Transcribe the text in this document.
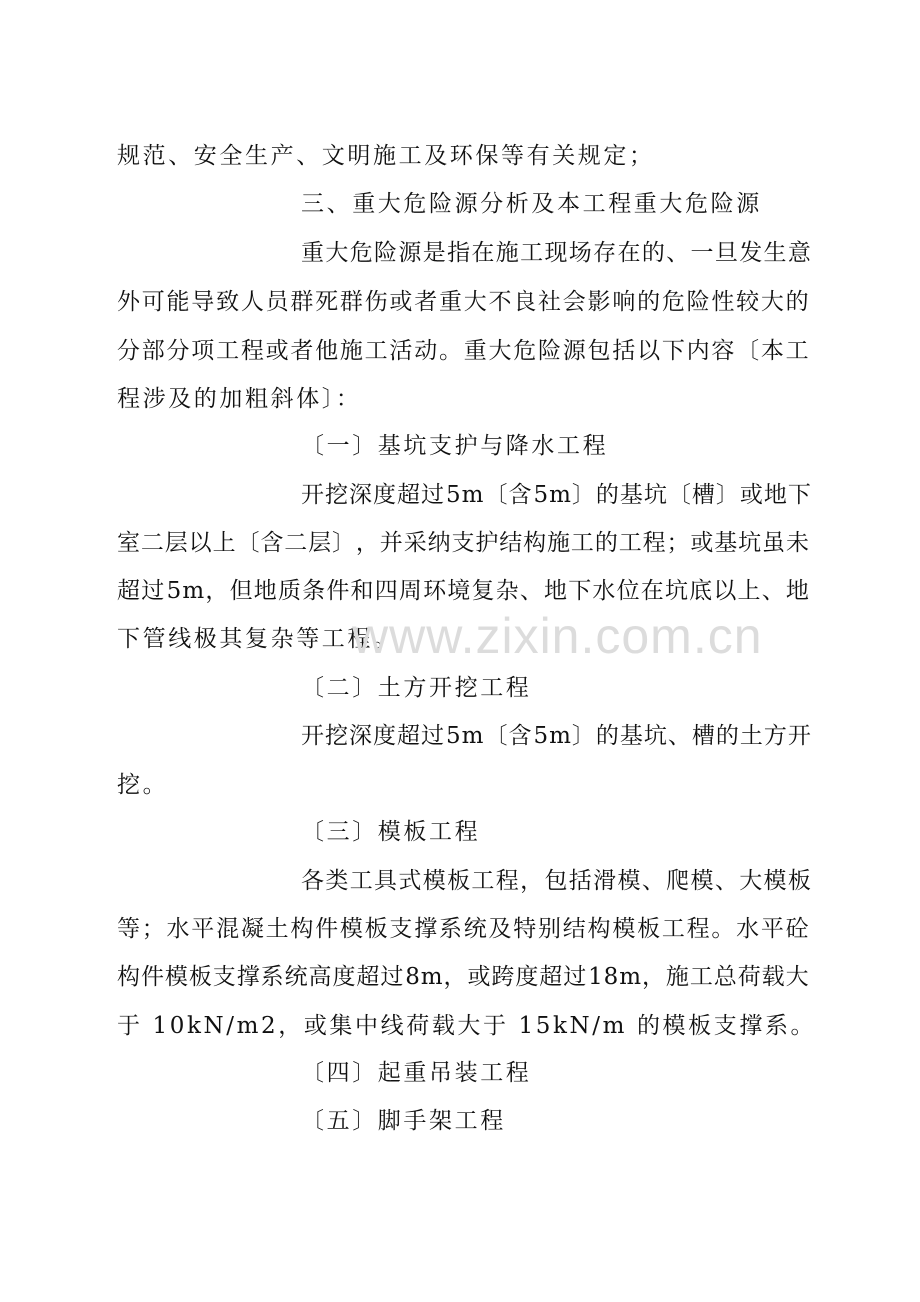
规范、安全生产、文明施工及环保等有关规定；
三、重大危险源分析及本工程重大危险源
重 大 危 险 源 是 指 在 施 工 现 场 存 在 的 、 一 旦 发 生 意
外 可 能 导 致 人 员 群 死 群 伤 或 者 重 大 不 良 社 会 影 响 的 危 险 性 较 大 的
分 部 分 项 工 程 或 者 他 施 工 活 动 。 重 大 危 险 源 包 括 以 下 内 容 〔 本 工
程涉及的加粗斜体〕：
〔一〕基坑支护与降水工程
开 挖 深 度 超 过 5 m 〔 含 5 m 〕 的 基 坑 〔 槽 〕 或 地 下
室 二 层 以 上 〔 含 二 层 〕 ， 并 采 纳 支 护 结 构 施 工 的 工 程 ； 或 基 坑 虽 未
超 过 5 m ， 但 地 质 条 件 和 四 周 环 境 复 杂 、 地 下 水 位 在 坑 底 以 上 、 地
下管线极其复杂等工程。
〔二〕土方开挖工程
开 挖 深 度 超 过 5 m 〔 含 5 m 〕 的 基 坑 、 槽 的 土 方 开
挖。
〔三〕模板工程
各 类 工 具 式 模 板 工 程 ， 包 括 滑 模 、 爬 模 、 大 模 板
等 ； 水 平 混 凝 土 构 件 模 板 支 撑 系 统 及 特 别 结 构 模 板 工 程 。 水 平 砼
构 件 模 板 支 撑 系 统 高 度 超 过 8 m ， 或 跨 度 超 过 1 8 m ， 施 工 总 荷 载 大
于 10kN/m2，或集中线荷载大于 15kN/m 的模板支撑系。
〔四〕起重吊装工程
〔五〕脚手架工程
www.zixin.com.cn
